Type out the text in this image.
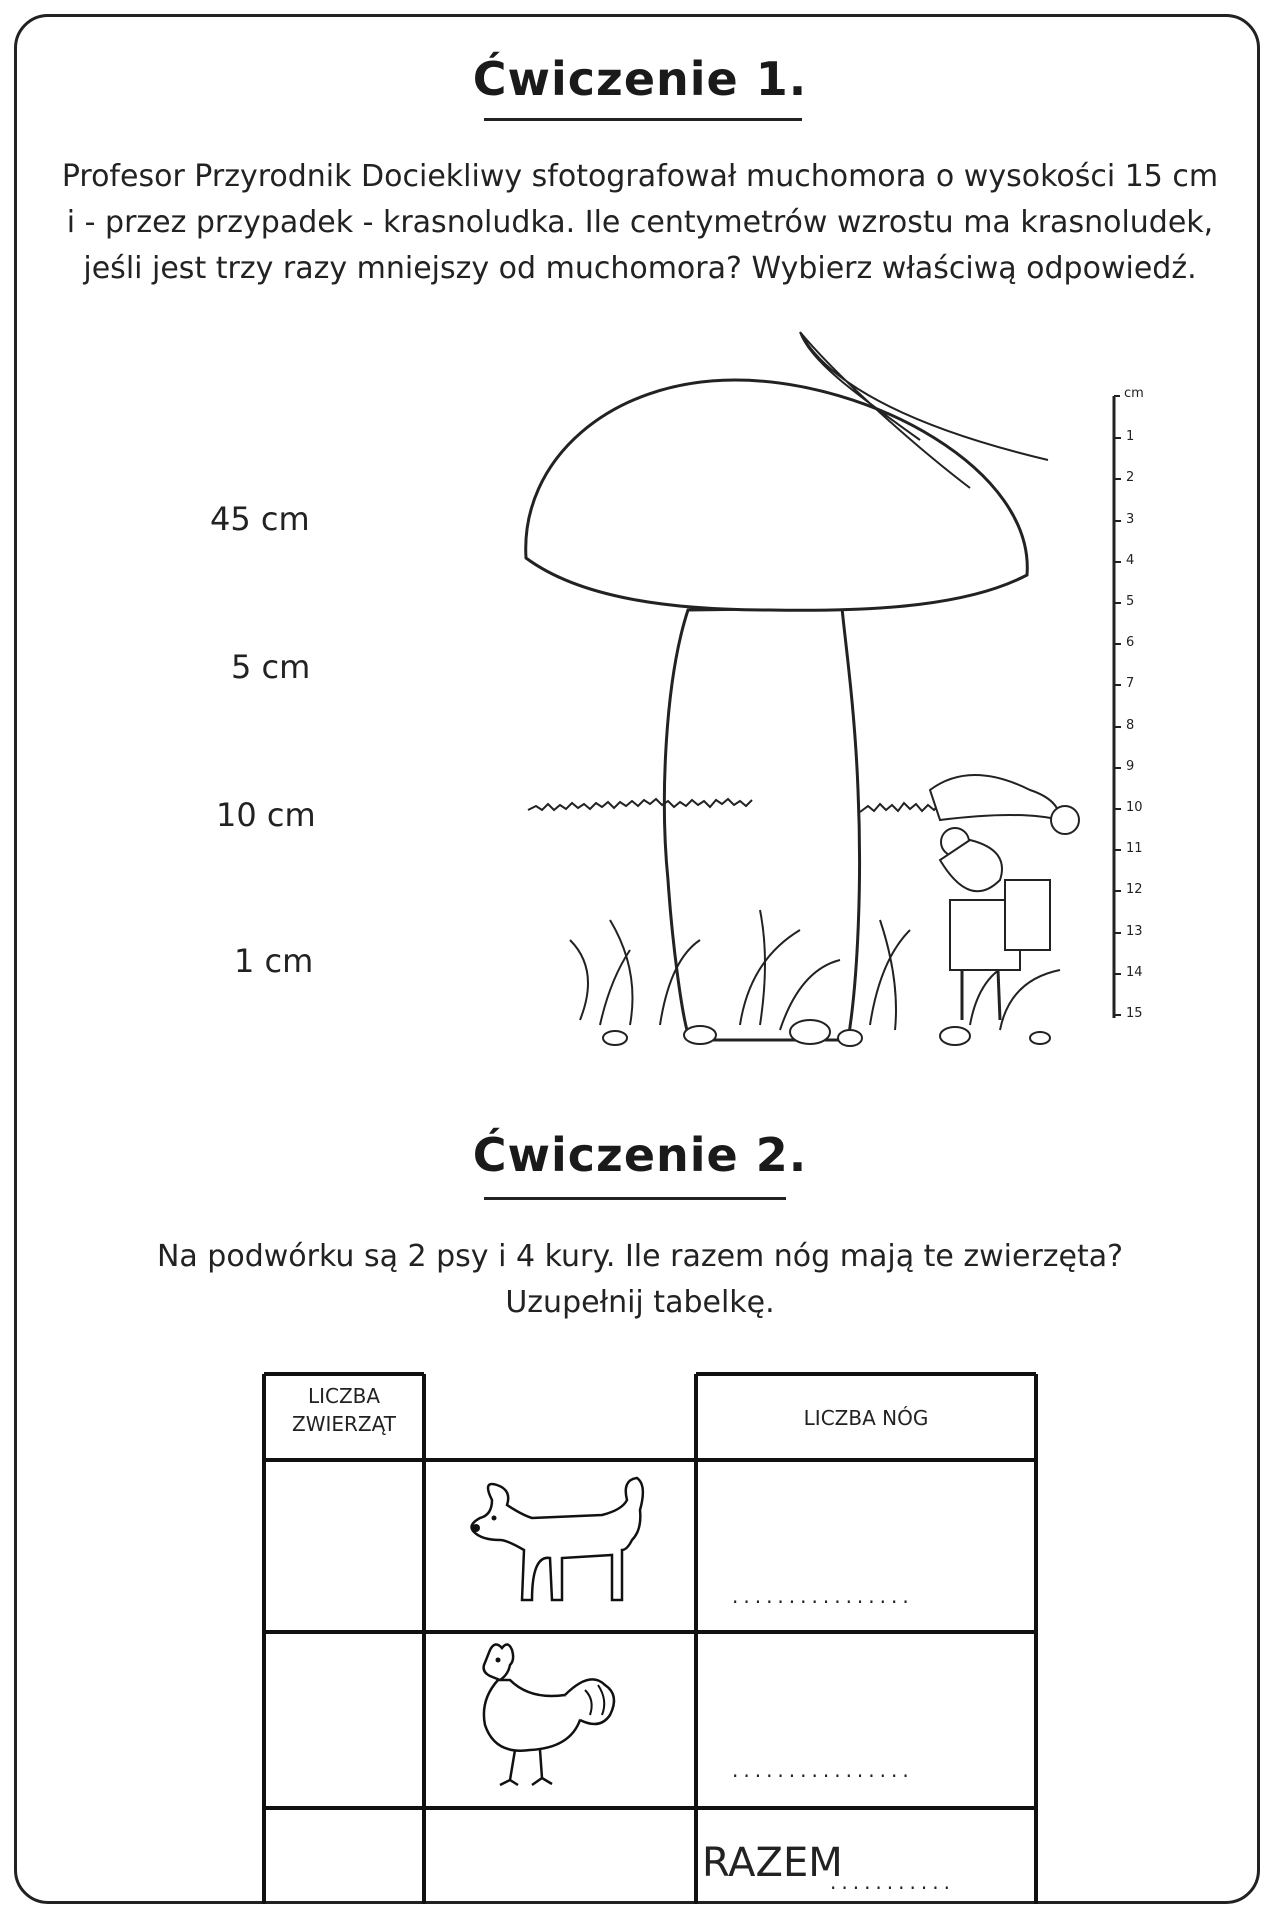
Ćwiczenie 1.
Profesor Przyrodnik Dociekliwy sfotografował muchomora o wysokości 15 cm
i - przez przypadek - krasnoludka. Ile centymetrów wzrostu ma krasnoludek,
jeśli jest trzy razy mniejszy od muchomora? Wybierz właściwą odpowiedź.
45 cm
5 cm
10 cm
1 cm
cm
1
2
3
4
5
6
7
8
9
10
11
12
13
14
15
Ćwiczenie 2.
Na podwórku są 2 psy i 4 kury. Ile razem nóg mają te zwierzęta?
Uzupełnij tabelkę.
LICZBA ZWIERZĄT	LICZBA NÓG
................
................
RAZEM
...........
